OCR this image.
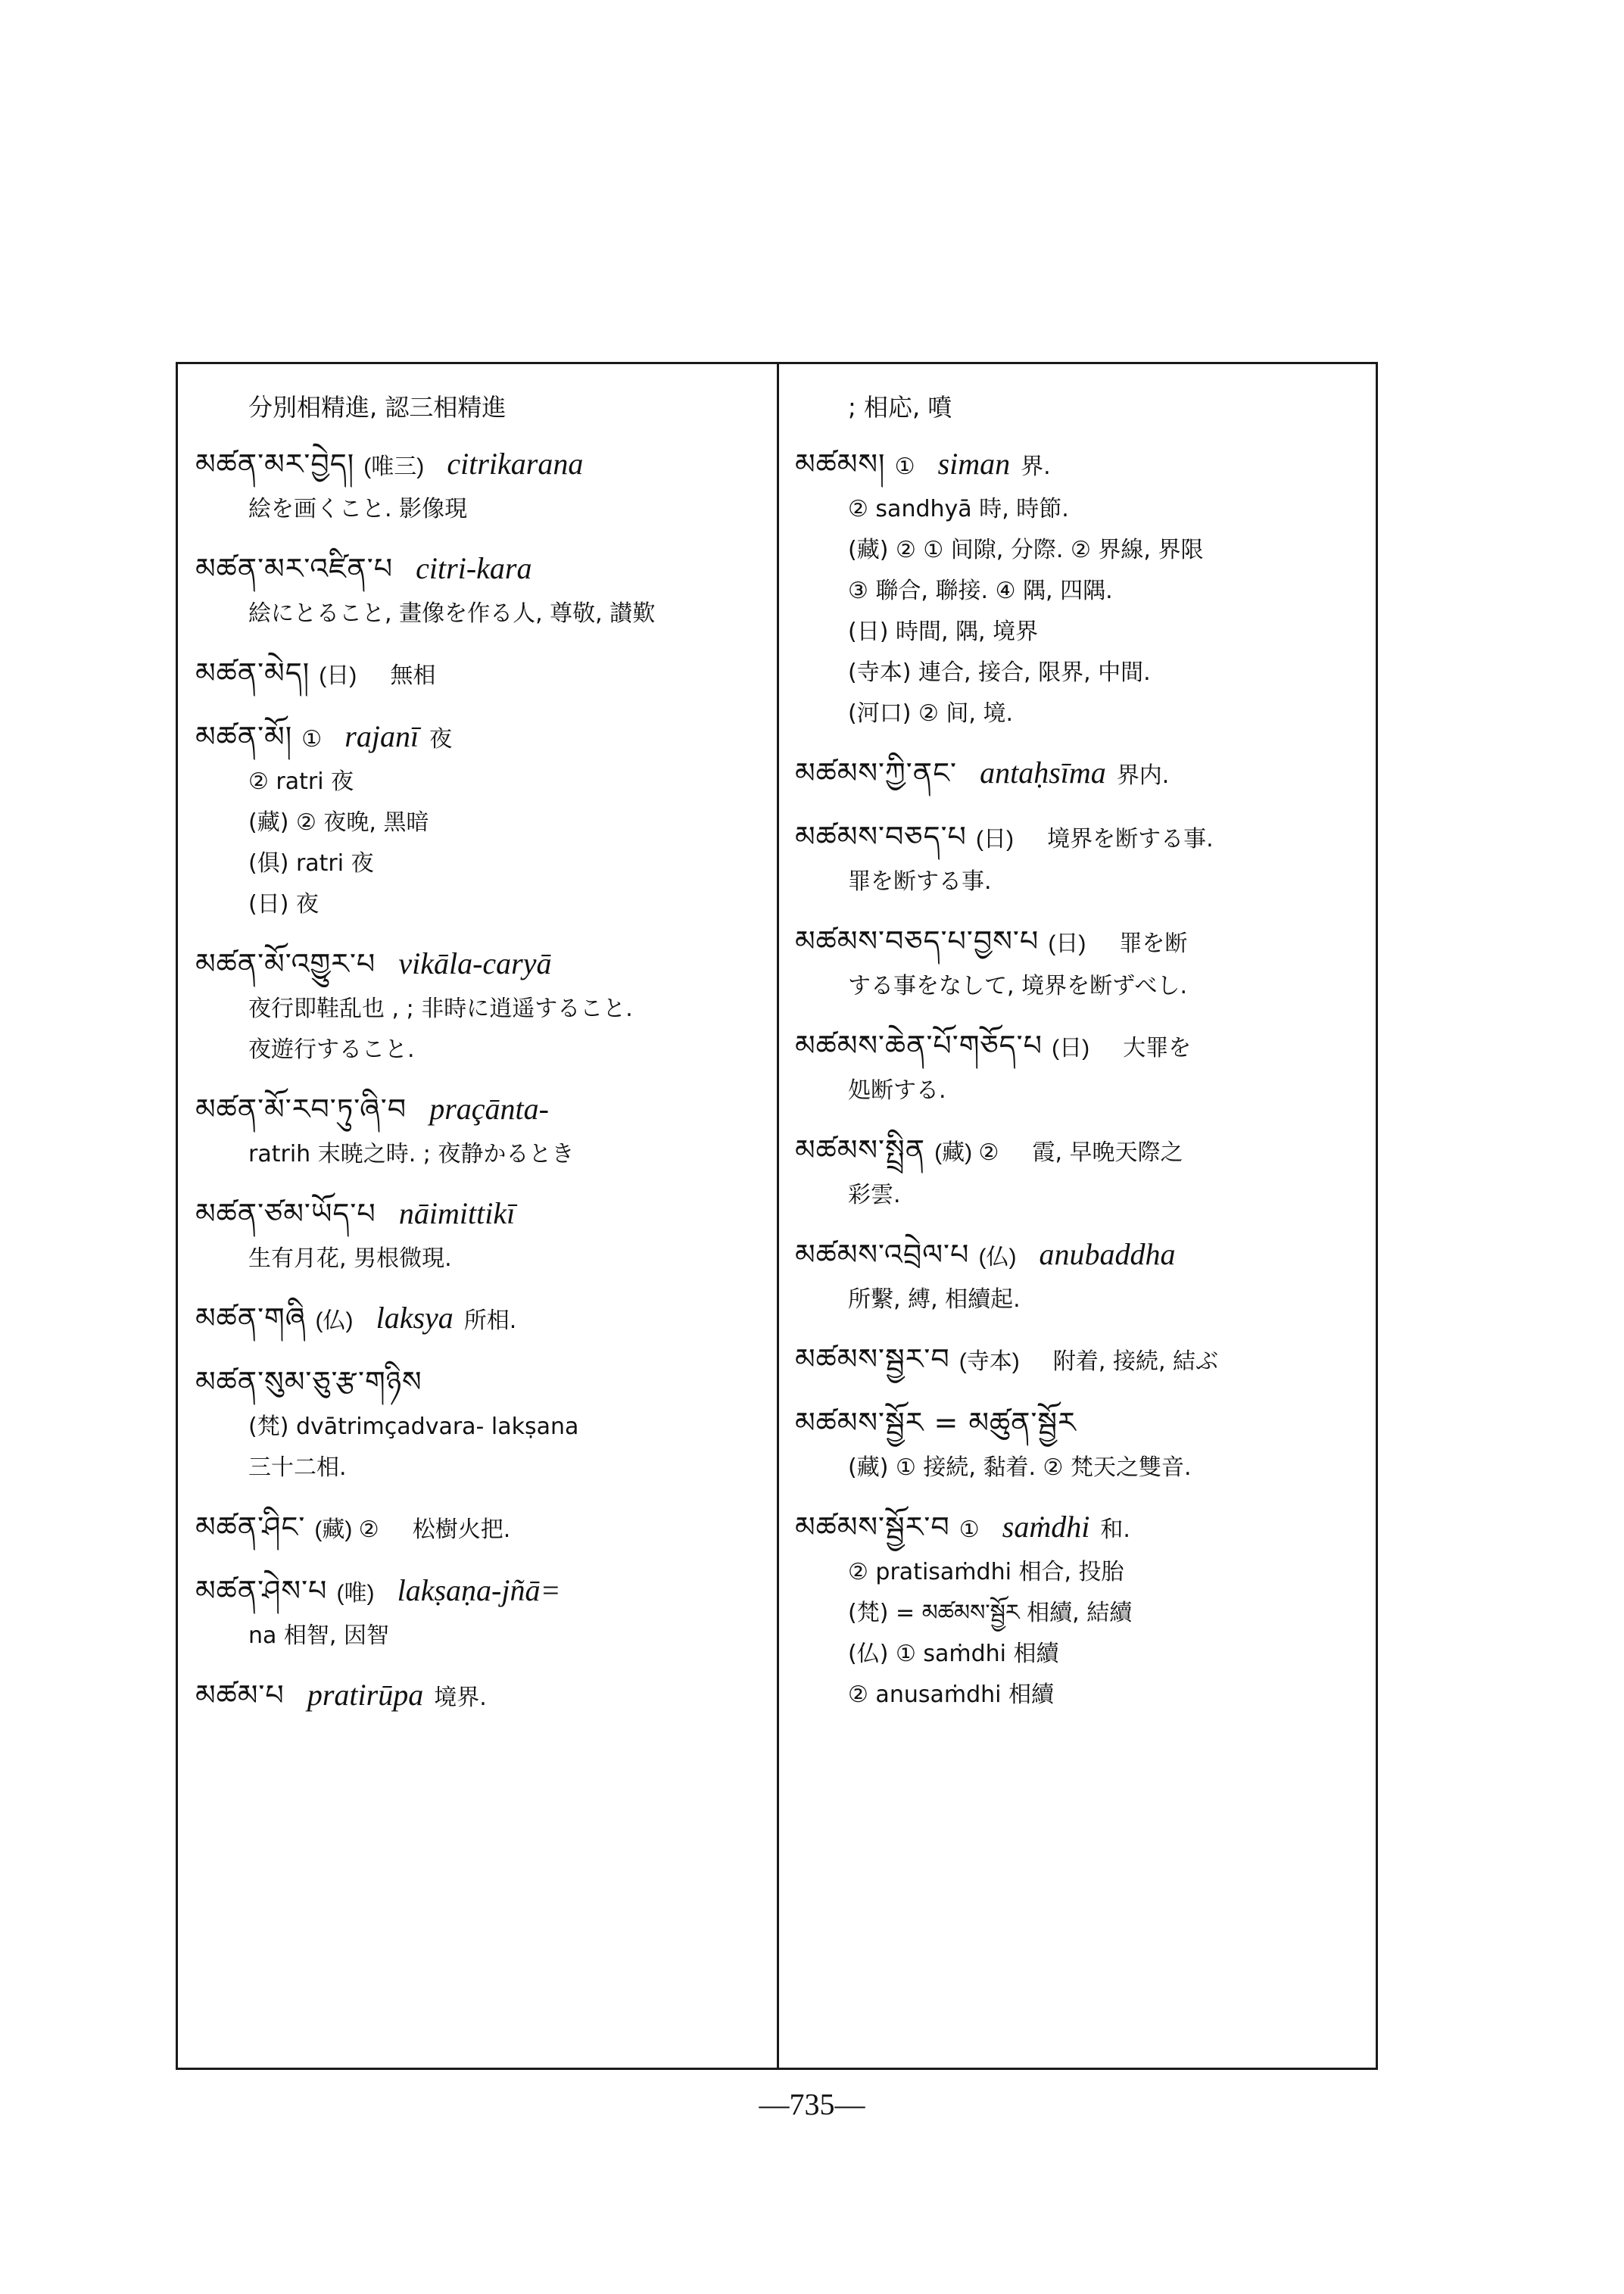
分別相精進, 認三相精進
མཚན་མར་བྱེད། (唯三) citrikarana
絵を画くこと. 影像現
མཚན་མར་འཛིན་པ citri-kara
絵にとること, 畫像を作る人, 尊敬, 讃歎
མཚན་མེད། (日) 無相
མཚན་མོ། ① rajanī 夜
② ratri 夜
(藏) ② 夜晚, 黑暗
(俱) ratri 夜
(日) 夜
མཚན་མོ་འགྱུར་པ vikāla-caryā
夜行即鞋乱也 , ; 非時に逍遥すること.
夜遊行すること.
མཚན་མོ་རབ་ཏུ་ཞི་བ praçānta-
ratrih 末暁之時. ; 夜静かるとき
མཚན་ཙམ་ཡོད་པ nāimittikī
生有月花, 男根微現.
མཚན་གཞི (仏) laksya 所相.
མཚན་སུམ་ཅུ་རྩ་གཉིས
(梵) dvātrimçadvara- lakṣana
三十二相.
མཚན་ཤིང་ (藏) ② 松樹火把.
མཚན་ཤེས་པ (唯) lakṣaṇa-jñā=
na 相智, 因智
མཚམ་པ pratirūpa 境界.
; 相応, 噴
མཚམས། ① siman 界.
② sandhyā 時, 時節.
(藏) ② ① 间隙, 分際. ② 界線, 界限
③ 聯合, 聯接. ④ 隅, 四隅.
(日) 時間, 隅, 境界
(寺本) 連合, 接合, 限界, 中間.
(河口) ② 间, 境.
མཚམས་ཀྱི་ནང་ antaḥsīma 界内.
མཚམས་བཅད་པ (日) 境界を断する事.
罪を断する事.
མཚམས་བཅད་པ་བྱས་པ (日) 罪を断
する事をなして, 境界を断ずべし.
མཚམས་ཆེན་པོ་གཅོད་པ (日) 大罪を
処断する.
མཚམས་སྤྲིན (藏) ② 霞, 早晩天際之
彩雲.
མཚམས་འབྲེལ་པ (仏) anubaddha
所繫, 縛, 相續起.
མཚམས་སྦྱར་བ (寺本) 附着, 接続, 結ぶ
མཚམས་སྦྱོར = མཚུན་སྦྱོར
(藏) ① 接続, 黏着. ② 梵天之雙音.
མཚམས་སྦྱོར་བ ① saṁdhi 和.
② pratisaṁdhi 相合, 投胎
(梵) = མཚམས་སྦྱོར 相續, 結續
(仏) ① saṁdhi 相續
② anusaṁdhi 相續
—735—
